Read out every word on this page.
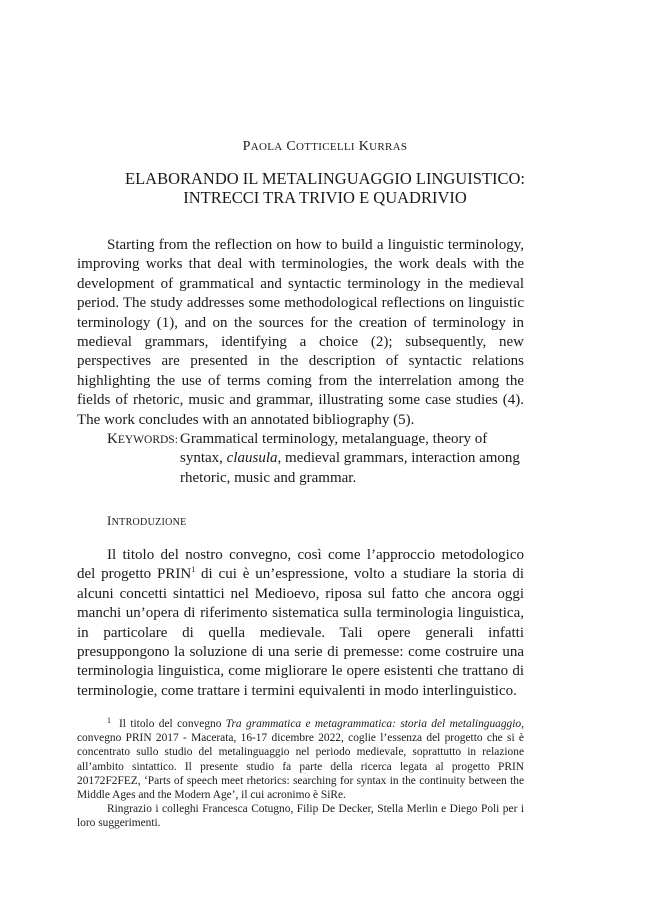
PAOLA COTTICELLI KURRAS
ELABORANDO IL METALINGUAGGIO LINGUISTICO:
INTRECCI TRA TRIVIO E QUADRIVIO

Starting from the reflection on how to build a linguistic terminology, improving works that deal with terminologies, the work deals with the development of grammatical and syntactic terminology in the medieval period. The study addresses some methodological reflections on linguistic terminology (1), and on the sources for the creation of terminology in medieval grammars, identifying a choice (2); subsequently, new perspectives are presented in the description of syntactic relations highlighting the use of terms coming from the interrelation among the fields of rhetoric, music and grammar, illustrating some case studies (4). The work concludes with an annotated bibliography (5).

KEYWORDS: Grammatical terminology, metalanguage, theory of syntax, clausula, medieval grammars, interaction among rhetoric, music and grammar.
INTRODUZIONE

Il titolo del nostro convegno, così come l’approccio metodologico del progetto PRIN$^1$ di cui è un’espressione, volto a studiare la storia di alcuni concetti sintattici nel Medioevo, riposa sul fatto che ancora oggi manchi un’opera di riferimento sistematica sulla terminologia linguistica, in particolare di quella medievale. Tali opere generali infatti presuppongono la soluzione di una serie di premesse: come costruire una terminologia linguistica, come migliorare le opere esistenti che trattano di terminologie, come trattare i termini equivalenti in modo interlinguistico.

$^1$ Il titolo del convegno Tra grammatica e metagrammatica: storia del metalinguaggio, convegno PRIN 2017 - Macerata, 16-17 dicembre 2022, coglie l’essenza del progetto che si è concentrato sullo studio del metalinguaggio nel periodo medievale, soprattutto in relazione all’ambito sintattico. Il presente studio fa parte della ricerca legata al progetto PRIN 20172F2FEZ, ‘Parts of speech meet rhetorics: searching for syntax in the continuity between the Middle Ages and the Modern Age’, il cui acronimo è SiRe.

Ringrazio i colleghi Francesca Cotugno, Filip De Decker, Stella Merlin e Diego Poli per i loro suggerimenti.
